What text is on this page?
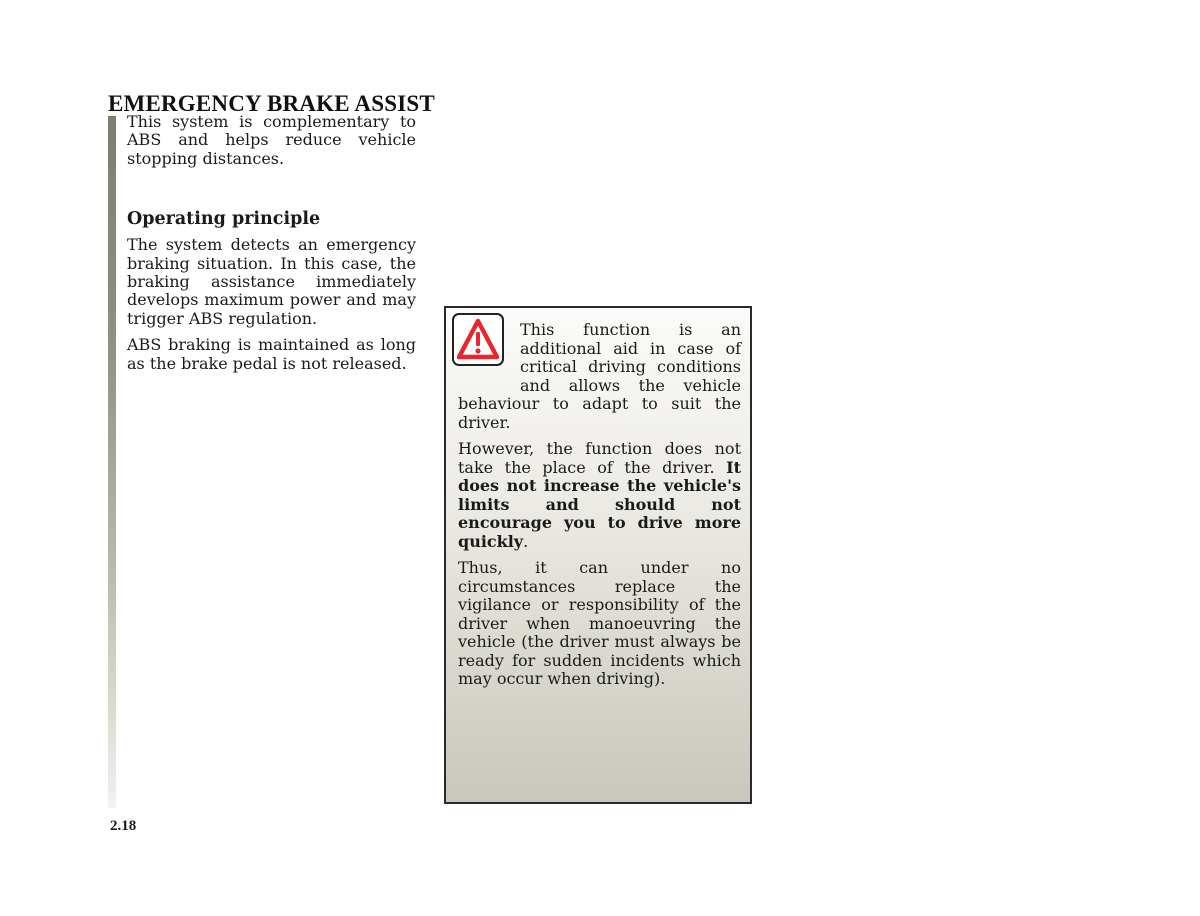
EMERGENCY BRAKE ASSIST

This system is complementary to ABS and helps reduce vehicle stopping distances.

Operating principle

The system detects an emergency braking situation. In this case, the braking assistance immediately develops maximum power and may trigger ABS regulation.

ABS braking is maintained as long as the brake pedal is not released.

This function is an additional aid in case of critical driving conditions and allows the vehicle behaviour to adapt to suit the driver.

However, the function does not take the place of the driver. It does not increase the vehicle's limits and should not encourage you to drive more quickly.

Thus, it can under no circumstances replace the vigilance or responsibility of the driver when manoeuvring the vehicle (the driver must always be ready for sudden incidents which may occur when driving).

2.18
